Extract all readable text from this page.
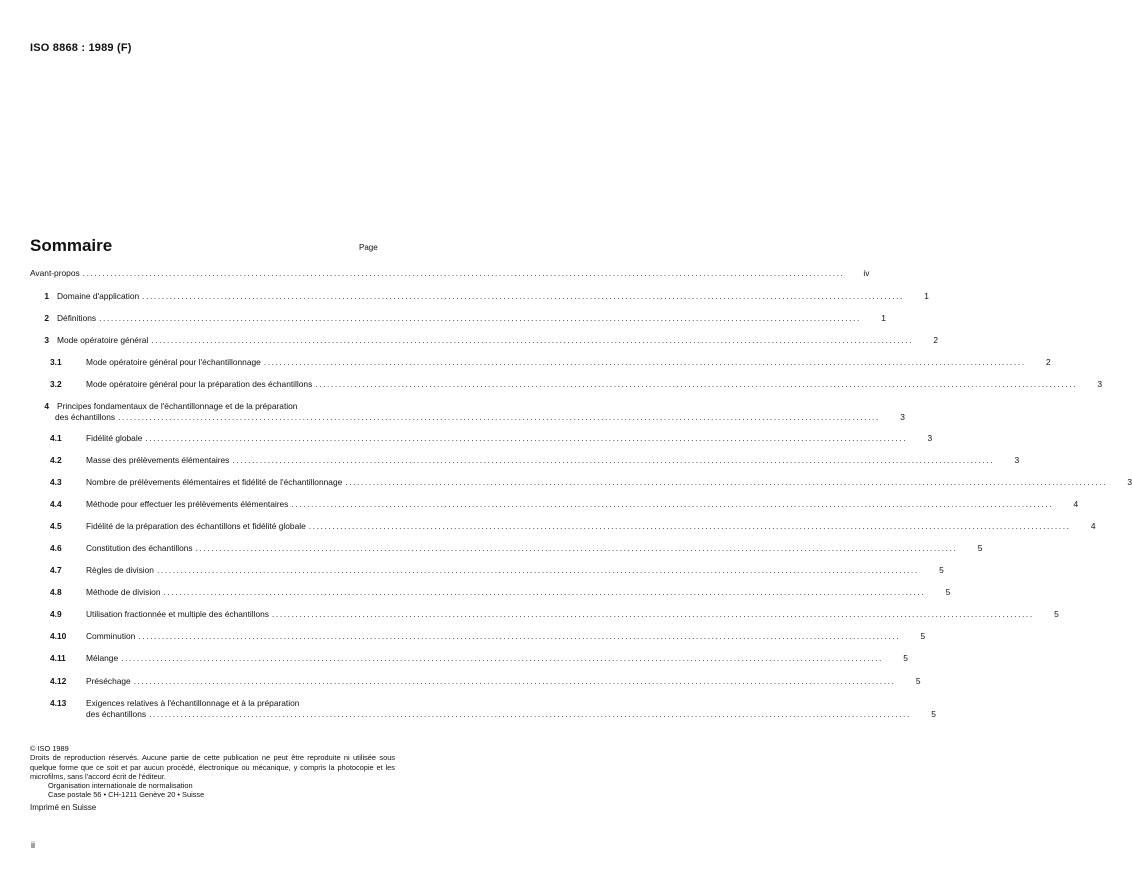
ISO 8868 : 1989 (F)
Sommaire	Page
Avant-propos .....	iv
1 Domaine d'application .....	1
2 Définitions .....	1
3 Mode opératoire général .....	2
3.1	Mode opératoire général pour l'échantillonnage .....	2
3.2	Mode opératoire général pour la préparation des échantillons .....	3
4 Principes fondamentaux de l'échantillonnage et de la préparation
des échantillons .....	3
4.1	Fidélité globale .....	3
4.2	Masse des prélèvements élémentaires .....	3
4.3	Nombre de prélèvements élémentaires et fidélité de l'échantillonnage .....	3
4.4	Méthode pour effectuer les prélèvements élémentaires .....	4
4.5	Fidélité de la préparation des échantillons et fidélité globale .....	4
4.6	Constitution des échantillons .....	5
4.7	Règles de division .....	5
4.8	Méthode de division .....	5
4.9	Utilisation fractionnée et multiple des échantillons .....	5
4.10	Comminution .....	5
4.11	Mélange .....	5
4.12	Préséchage .....	5
4.13	Exigences relatives à l'échantillonnage et à la préparation
des échantillons .....	5
© ISO 1989
Droits de reproduction réservés. Aucune partie de cette publication ne peut être reproduite ni utilisée sous quelque forme que ce soit et par aucun procédé, électronique ou mécanique, y compris la photocopie et les microfilms, sans l'accord écrit de l'éditeur.
Organisation internationale de normalisation
Case postale 56 • CH-1211 Genève 20 • Suisse
Imprimé en Suisse
ii
